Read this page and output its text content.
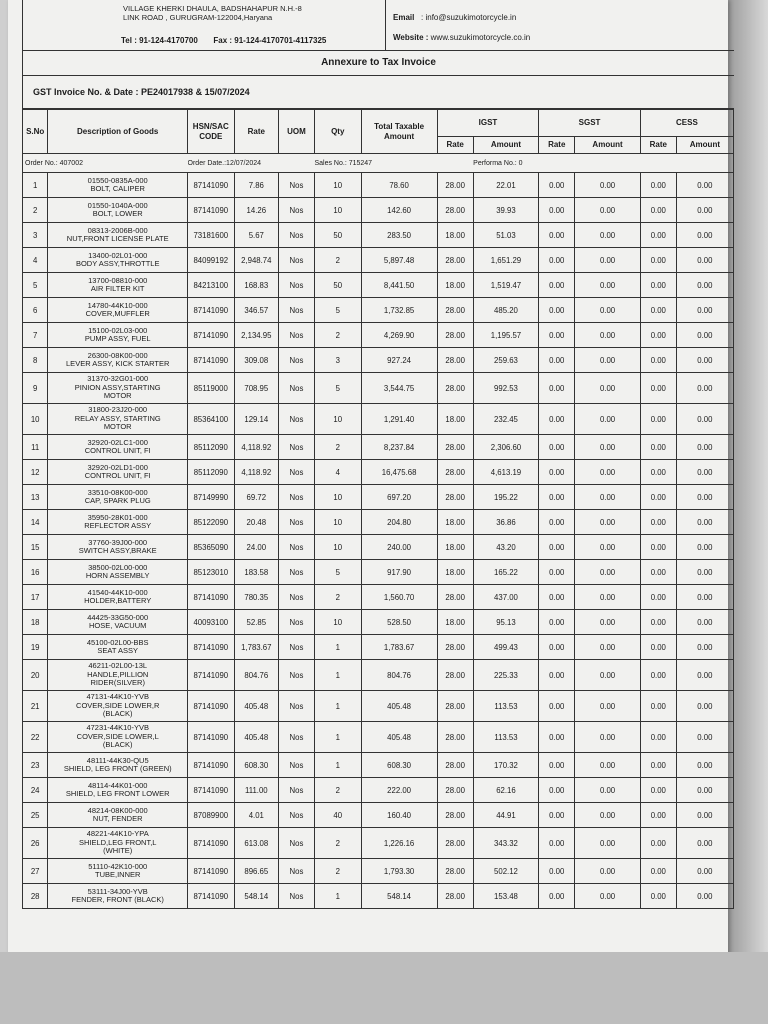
VILLAGE KHERKI DHAULA, BADSHAHAPUR N.H.-8
LINK ROAD , GURUGRAM-122004,Haryana
Tel : 91-124-4170700 Fax : 91-124-4170701-4117325
Email : info@suzukimotorcycle.in
Website : www.suzukimotorcycle.co.in
Annexure to Tax Invoice
GST Invoice No. & Date : PE24017938 & 15/07/2024
S.No	Description of Goods	HSN/SAC CODE	Rate	UOM	Qty	Total Taxable Amount	IGST		SGST		CESS	
							Rate	Amount	Rate	Amount	Rate	Amount
Order No.: 407002		Order Date.:12/07/2024			Sales No.: 715247			Performa No.: 0				
1	01550-0835A-000
BOLT, CALIPER	87141090	7.86	Nos	10	78.60	28.00	22.01	0.00	0.00	0.00	0.00
2	01550-1040A-000
BOLT, LOWER	87141090	14.26	Nos	10	142.60	28.00	39.93	0.00	0.00	0.00	0.00
3	08313-2006B-000
NUT,FRONT LICENSE PLATE	73181600	5.67	Nos	50	283.50	18.00	51.03	0.00	0.00	0.00	0.00
4	13400-02L01-000
BODY ASSY,THROTTLE	84099192	2,948.74	Nos	2	5,897.48	28.00	1,651.29	0.00	0.00	0.00	0.00
5	13700-08810-000
AIR FILTER KIT	84213100	168.83	Nos	50	8,441.50	18.00	1,519.47	0.00	0.00	0.00	0.00
6	14780-44K10-000
COVER,MUFFLER	87141090	346.57	Nos	5	1,732.85	28.00	485.20	0.00	0.00	0.00	0.00
7	15100-02L03-000
PUMP ASSY, FUEL	87141090	2,134.95	Nos	2	4,269.90	28.00	1,195.57	0.00	0.00	0.00	0.00
8	26300-08K00-000
LEVER ASSY, KICK STARTER	87141090	309.08	Nos	3	927.24	28.00	259.63	0.00	0.00	0.00	0.00
9	31370-32G01-000
PINION ASSY,STARTING
MOTOR	85119000	708.95	Nos	5	3,544.75	28.00	992.53	0.00	0.00	0.00	0.00
10	31800-23J20-000
RELAY ASSY, STARTING
MOTOR	85364100	129.14	Nos	10	1,291.40	18.00	232.45	0.00	0.00	0.00	0.00
11	32920-02LC1-000
CONTROL UNIT, FI	85112090	4,118.92	Nos	2	8,237.84	28.00	2,306.60	0.00	0.00	0.00	0.00
12	32920-02LD1-000
CONTROL UNIT, FI	85112090	4,118.92	Nos	4	16,475.68	28.00	4,613.19	0.00	0.00	0.00	0.00
13	33510-08K00-000
CAP, SPARK PLUG	87149990	69.72	Nos	10	697.20	28.00	195.22	0.00	0.00	0.00	0.00
14	35950-28K01-000
REFLECTOR ASSY	85122090	20.48	Nos	10	204.80	18.00	36.86	0.00	0.00	0.00	0.00
15	37760-39J00-000
SWITCH ASSY,BRAKE	85365090	24.00	Nos	10	240.00	18.00	43.20	0.00	0.00	0.00	0.00
16	38500-02L00-000
HORN ASSEMBLY	85123010	183.58	Nos	5	917.90	18.00	165.22	0.00	0.00	0.00	0.00
17	41540-44K10-000
HOLDER,BATTERY	87141090	780.35	Nos	2	1,560.70	28.00	437.00	0.00	0.00	0.00	0.00
18	44425-33G50-000
HOSE, VACUUM	40093100	52.85	Nos	10	528.50	18.00	95.13	0.00	0.00	0.00	0.00
19	45100-02L00-BBS
SEAT ASSY	87141090	1,783.67	Nos	1	1,783.67	28.00	499.43	0.00	0.00	0.00	0.00
20	46211-02L00-13L
HANDLE,PILLION
RIDER(SILVER)	87141090	804.76	Nos	1	804.76	28.00	225.33	0.00	0.00	0.00	0.00
21	47131-44K10-YVB
COVER,SIDE LOWER,R
(BLACK)	87141090	405.48	Nos	1	405.48	28.00	113.53	0.00	0.00	0.00	0.00
22	47231-44K10-YVB
COVER,SIDE LOWER,L
(BLACK)	87141090	405.48	Nos	1	405.48	28.00	113.53	0.00	0.00	0.00	0.00
23	48111-44K30-QU5
SHIELD, LEG FRONT (GREEN)	87141090	608.30	Nos	1	608.30	28.00	170.32	0.00	0.00	0.00	0.00
24	48114-44K01-000
SHIELD, LEG FRONT LOWER	87141090	111.00	Nos	2	222.00	28.00	62.16	0.00	0.00	0.00	0.00
25	48214-08K00-000
NUT, FENDER	87089900	4.01	Nos	40	160.40	28.00	44.91	0.00	0.00	0.00	0.00
26	48221-44K10-YPA
SHIELD,LEG FRONT,L
(WHITE)	87141090	613.08	Nos	2	1,226.16	28.00	343.32	0.00	0.00	0.00	0.00
27	51110-42K10-000
TUBE,INNER	87141090	896.65	Nos	2	1,793.30	28.00	502.12	0.00	0.00	0.00	0.00
28	53111-34J00-YVB
FENDER, FRONT (BLACK)	87141090	548.14	Nos	1	548.14	28.00	153.48	0.00	0.00	0.00	0.00
